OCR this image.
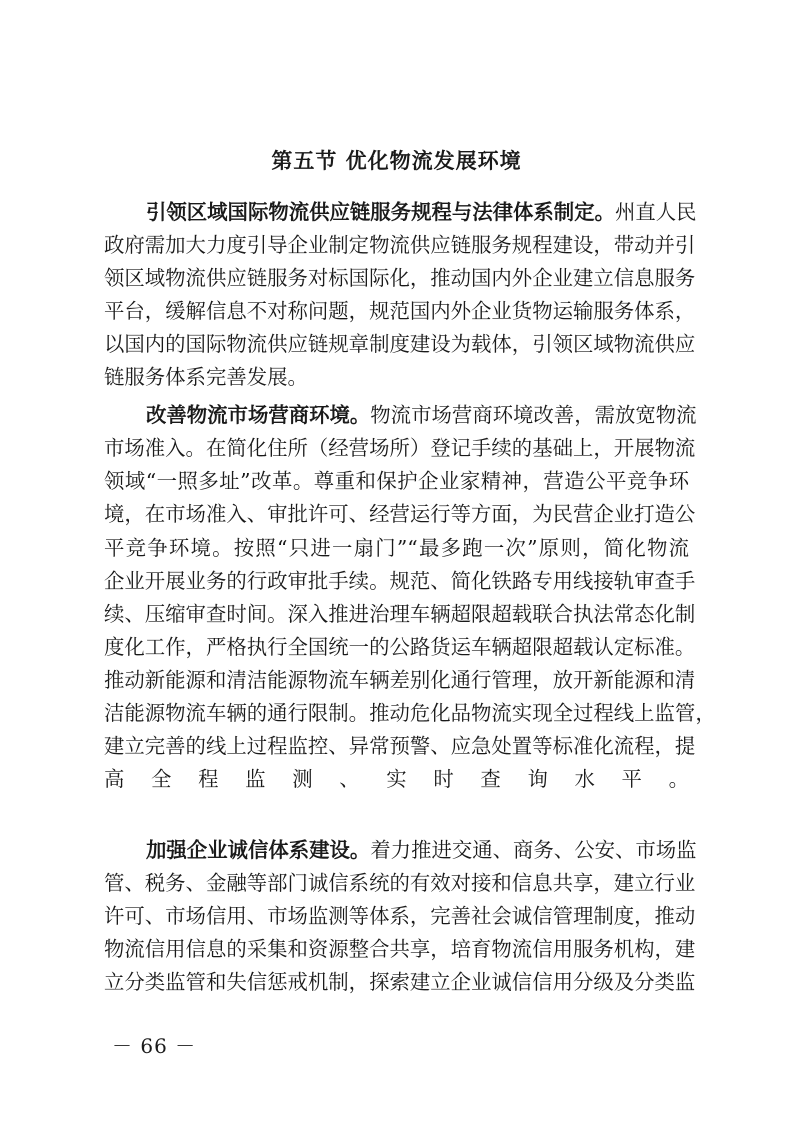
第五节 优化物流发展环境
引领区域国际物流供应链服务规程与法律体系制定。州直人民
政府需加大力度引导企业制定物流供应链服务规程建设，带动并引
领区域物流供应链服务对标国际化，推动国内外企业建立信息服务
平台，缓解信息不对称问题，规范国内外企业货物运输服务体系，
以国内的国际物流供应链规章制度建设为载体，引领区域物流供应
链服务体系完善发展。
改善物流市场营商环境。物流市场营商环境改善，需放宽物流
市场准入。在简化住所（经营场所）登记手续的基础上，开展物流
领域“一照多址”改革。尊重和保护企业家精神，营造公平竞争环
境，在市场准入、审批许可、经营运行等方面，为民营企业打造公
平竞争环境。按照“只进一扇门”“最多跑一次”原则，简化物流
企业开展业务的行政审批手续。规范、简化铁路专用线接轨审查手
续、压缩审查时间。深入推进治理车辆超限超载联合执法常态化制
度化工作，严格执行全国统一的公路货运车辆超限超载认定标准。
推动新能源和清洁能源物流车辆差别化通行管理，放开新能源和清
洁能源物流车辆的通行限制。推动危化品物流实现全过程线上监管，
建立完善的线上过程监控、异常预警、应急处置等标准化流程，提
高全程监测、实时查询水平。
加强企业诚信体系建设。着力推进交通、商务、公安、市场监
管、税务、金融等部门诚信系统的有效对接和信息共享，建立行业
许可、市场信用、市场监测等体系，完善社会诚信管理制度，推动
物流信用信息的采集和资源整合共享，培育物流信用服务机构，建
立分类监管和失信惩戒机制，探索建立企业诚信信用分级及分类监
－ 66 －
